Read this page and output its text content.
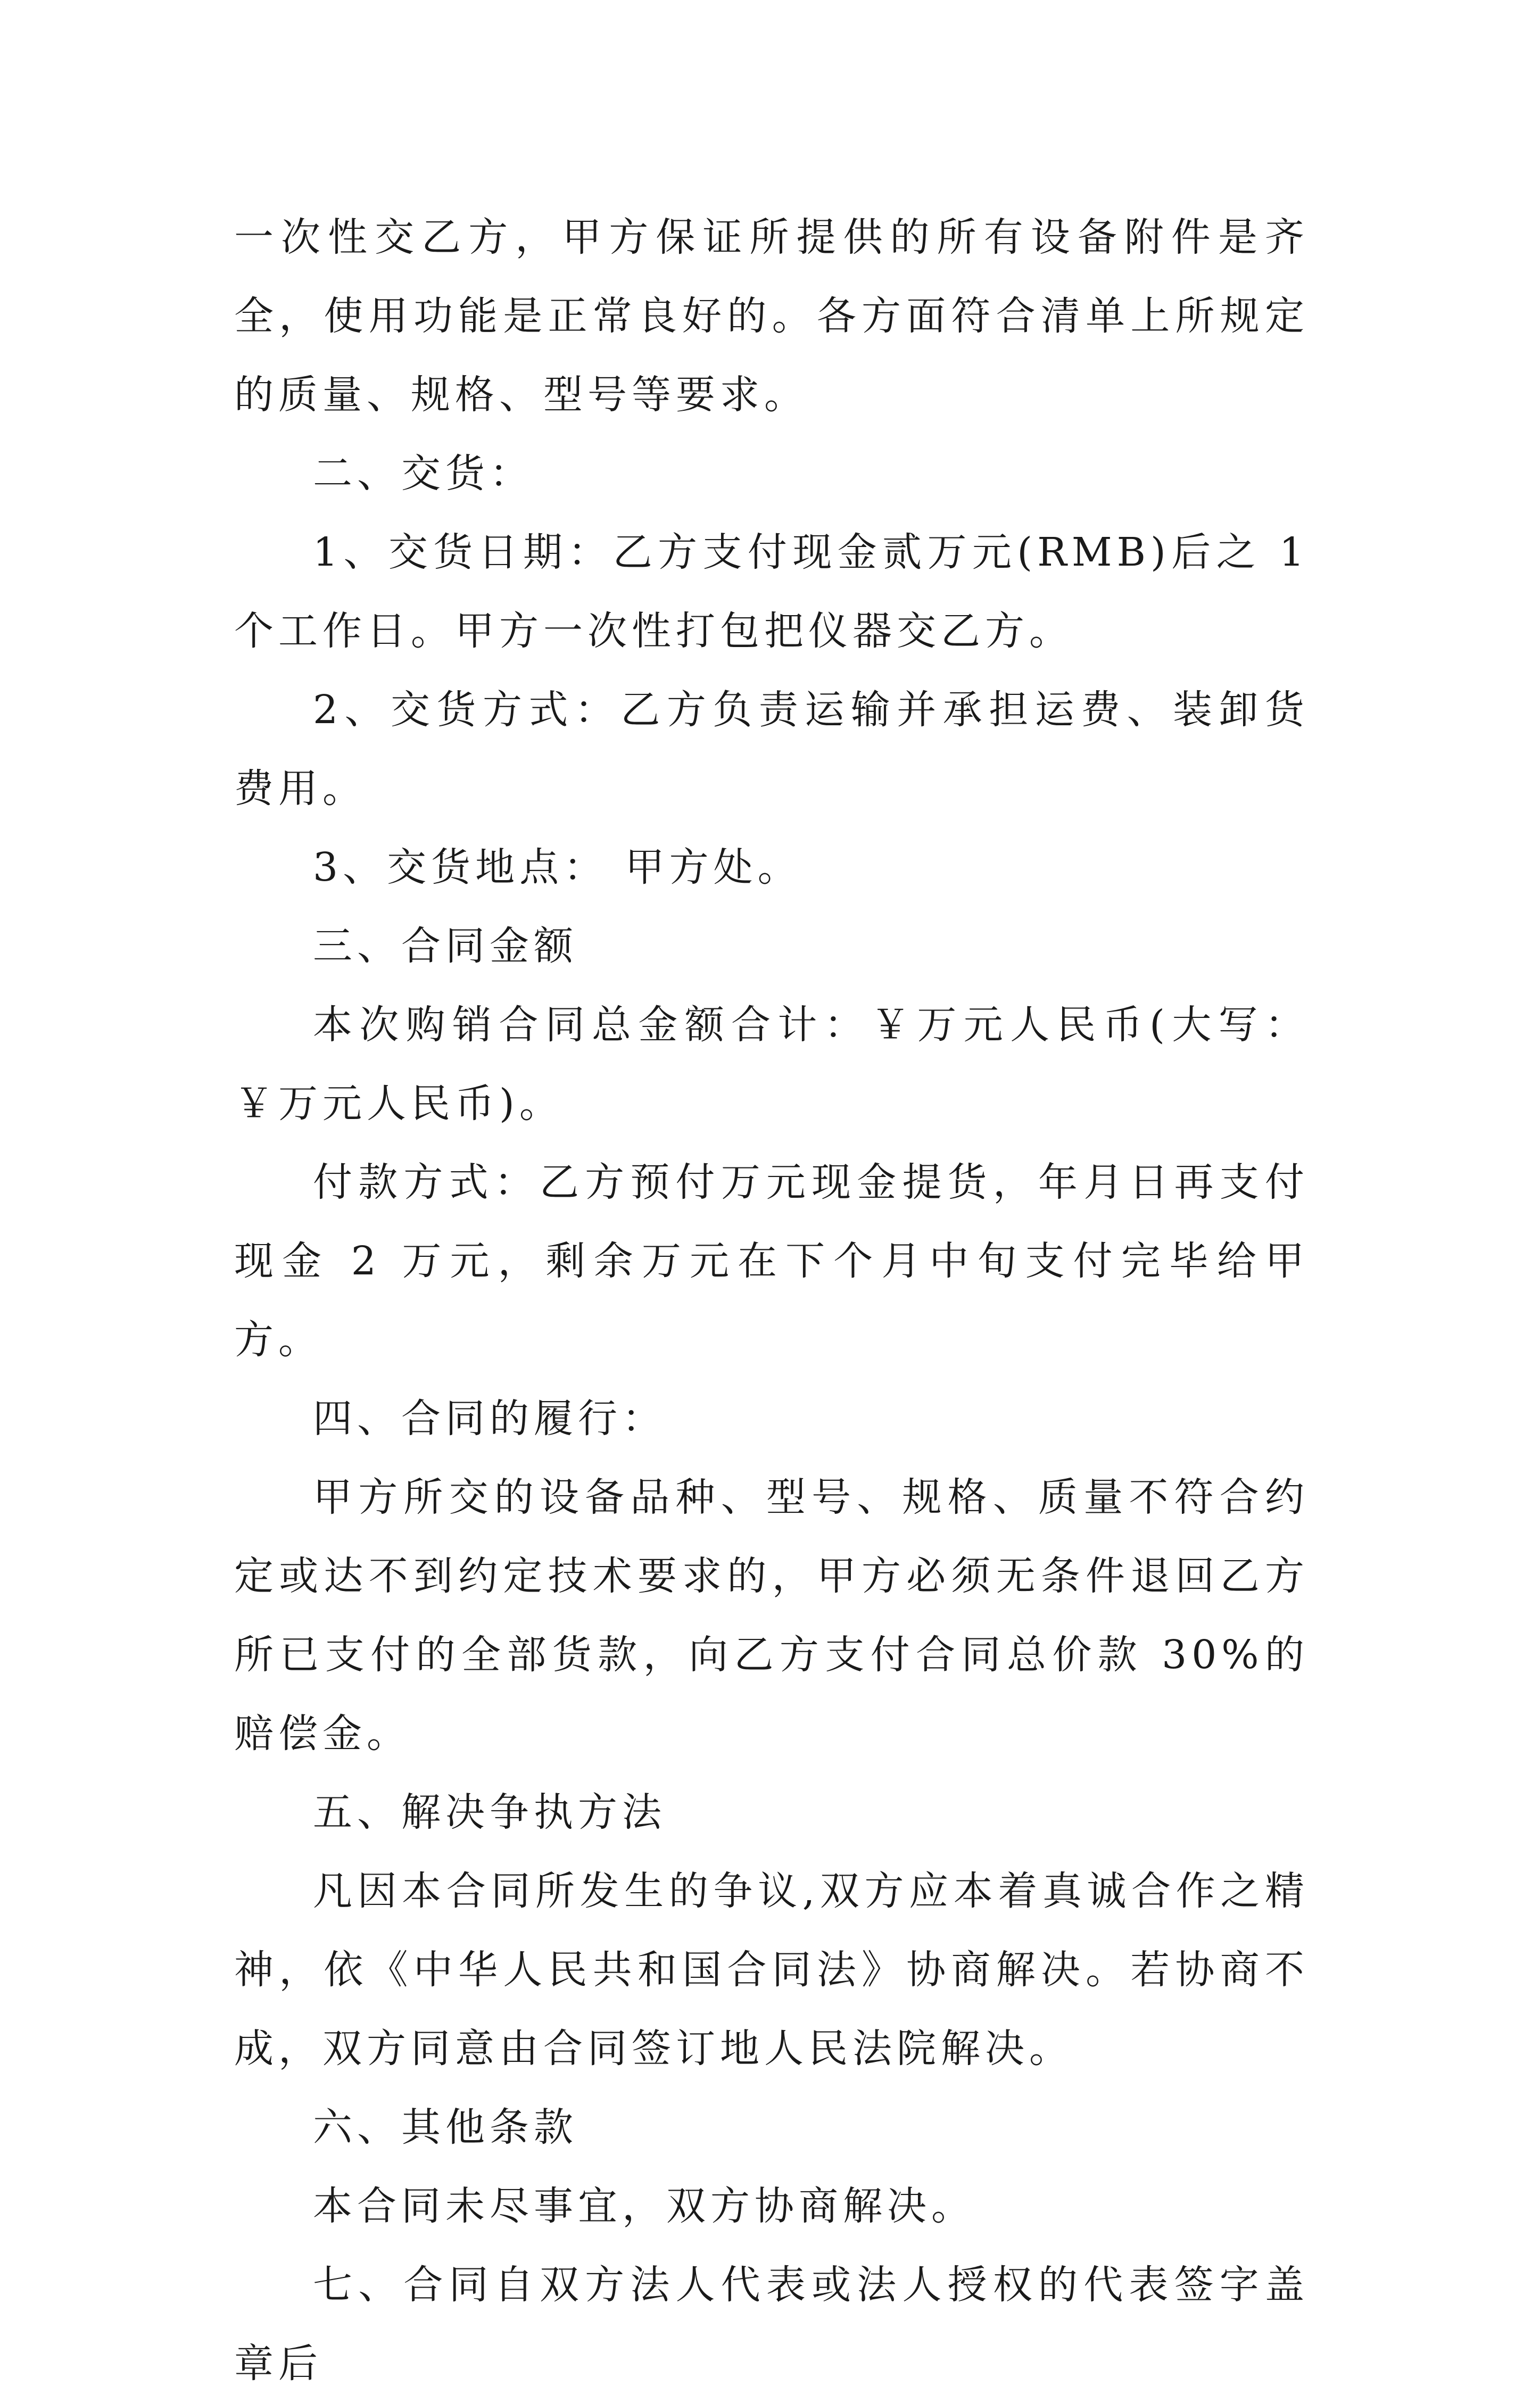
一次性交乙方，甲方保证所提供的所有设备附件是齐全，使用功能是正常良好的。各方面符合清单上所规定的质量、规格、型号等要求。

二、交货：

1、交货日期：乙方支付现金贰万元(RMB)后之 1 个工作日。甲方一次性打包把仪器交乙方。

2、交货方式：乙方负责运输并承担运费、装卸货费用。

3、交货地点： 甲方处。

三、合同金额

本次购销合同总金额合计：￥万元人民币(大写：￥万元人民币)。

付款方式：乙方预付万元现金提货，年月日再支付现金 2 万元，剩余万元在下个月中旬支付完毕给甲方。

四、合同的履行：

甲方所交的设备品种、型号、规格、质量不符合约定或达不到约定技术要求的，甲方必须无条件退回乙方所已支付的全部货款，向乙方支付合同总价款 30%的赔偿金。

五、解决争执方法

凡因本合同所发生的争议,双方应本着真诚合作之精神，依《中华人民共和国合同法》协商解决。若协商不成，双方同意由合同签订地人民法院解决。

六、其他条款

本合同未尽事宜，双方协商解决。

七、合同自双方法人代表或法人授权的代表签字盖章后
